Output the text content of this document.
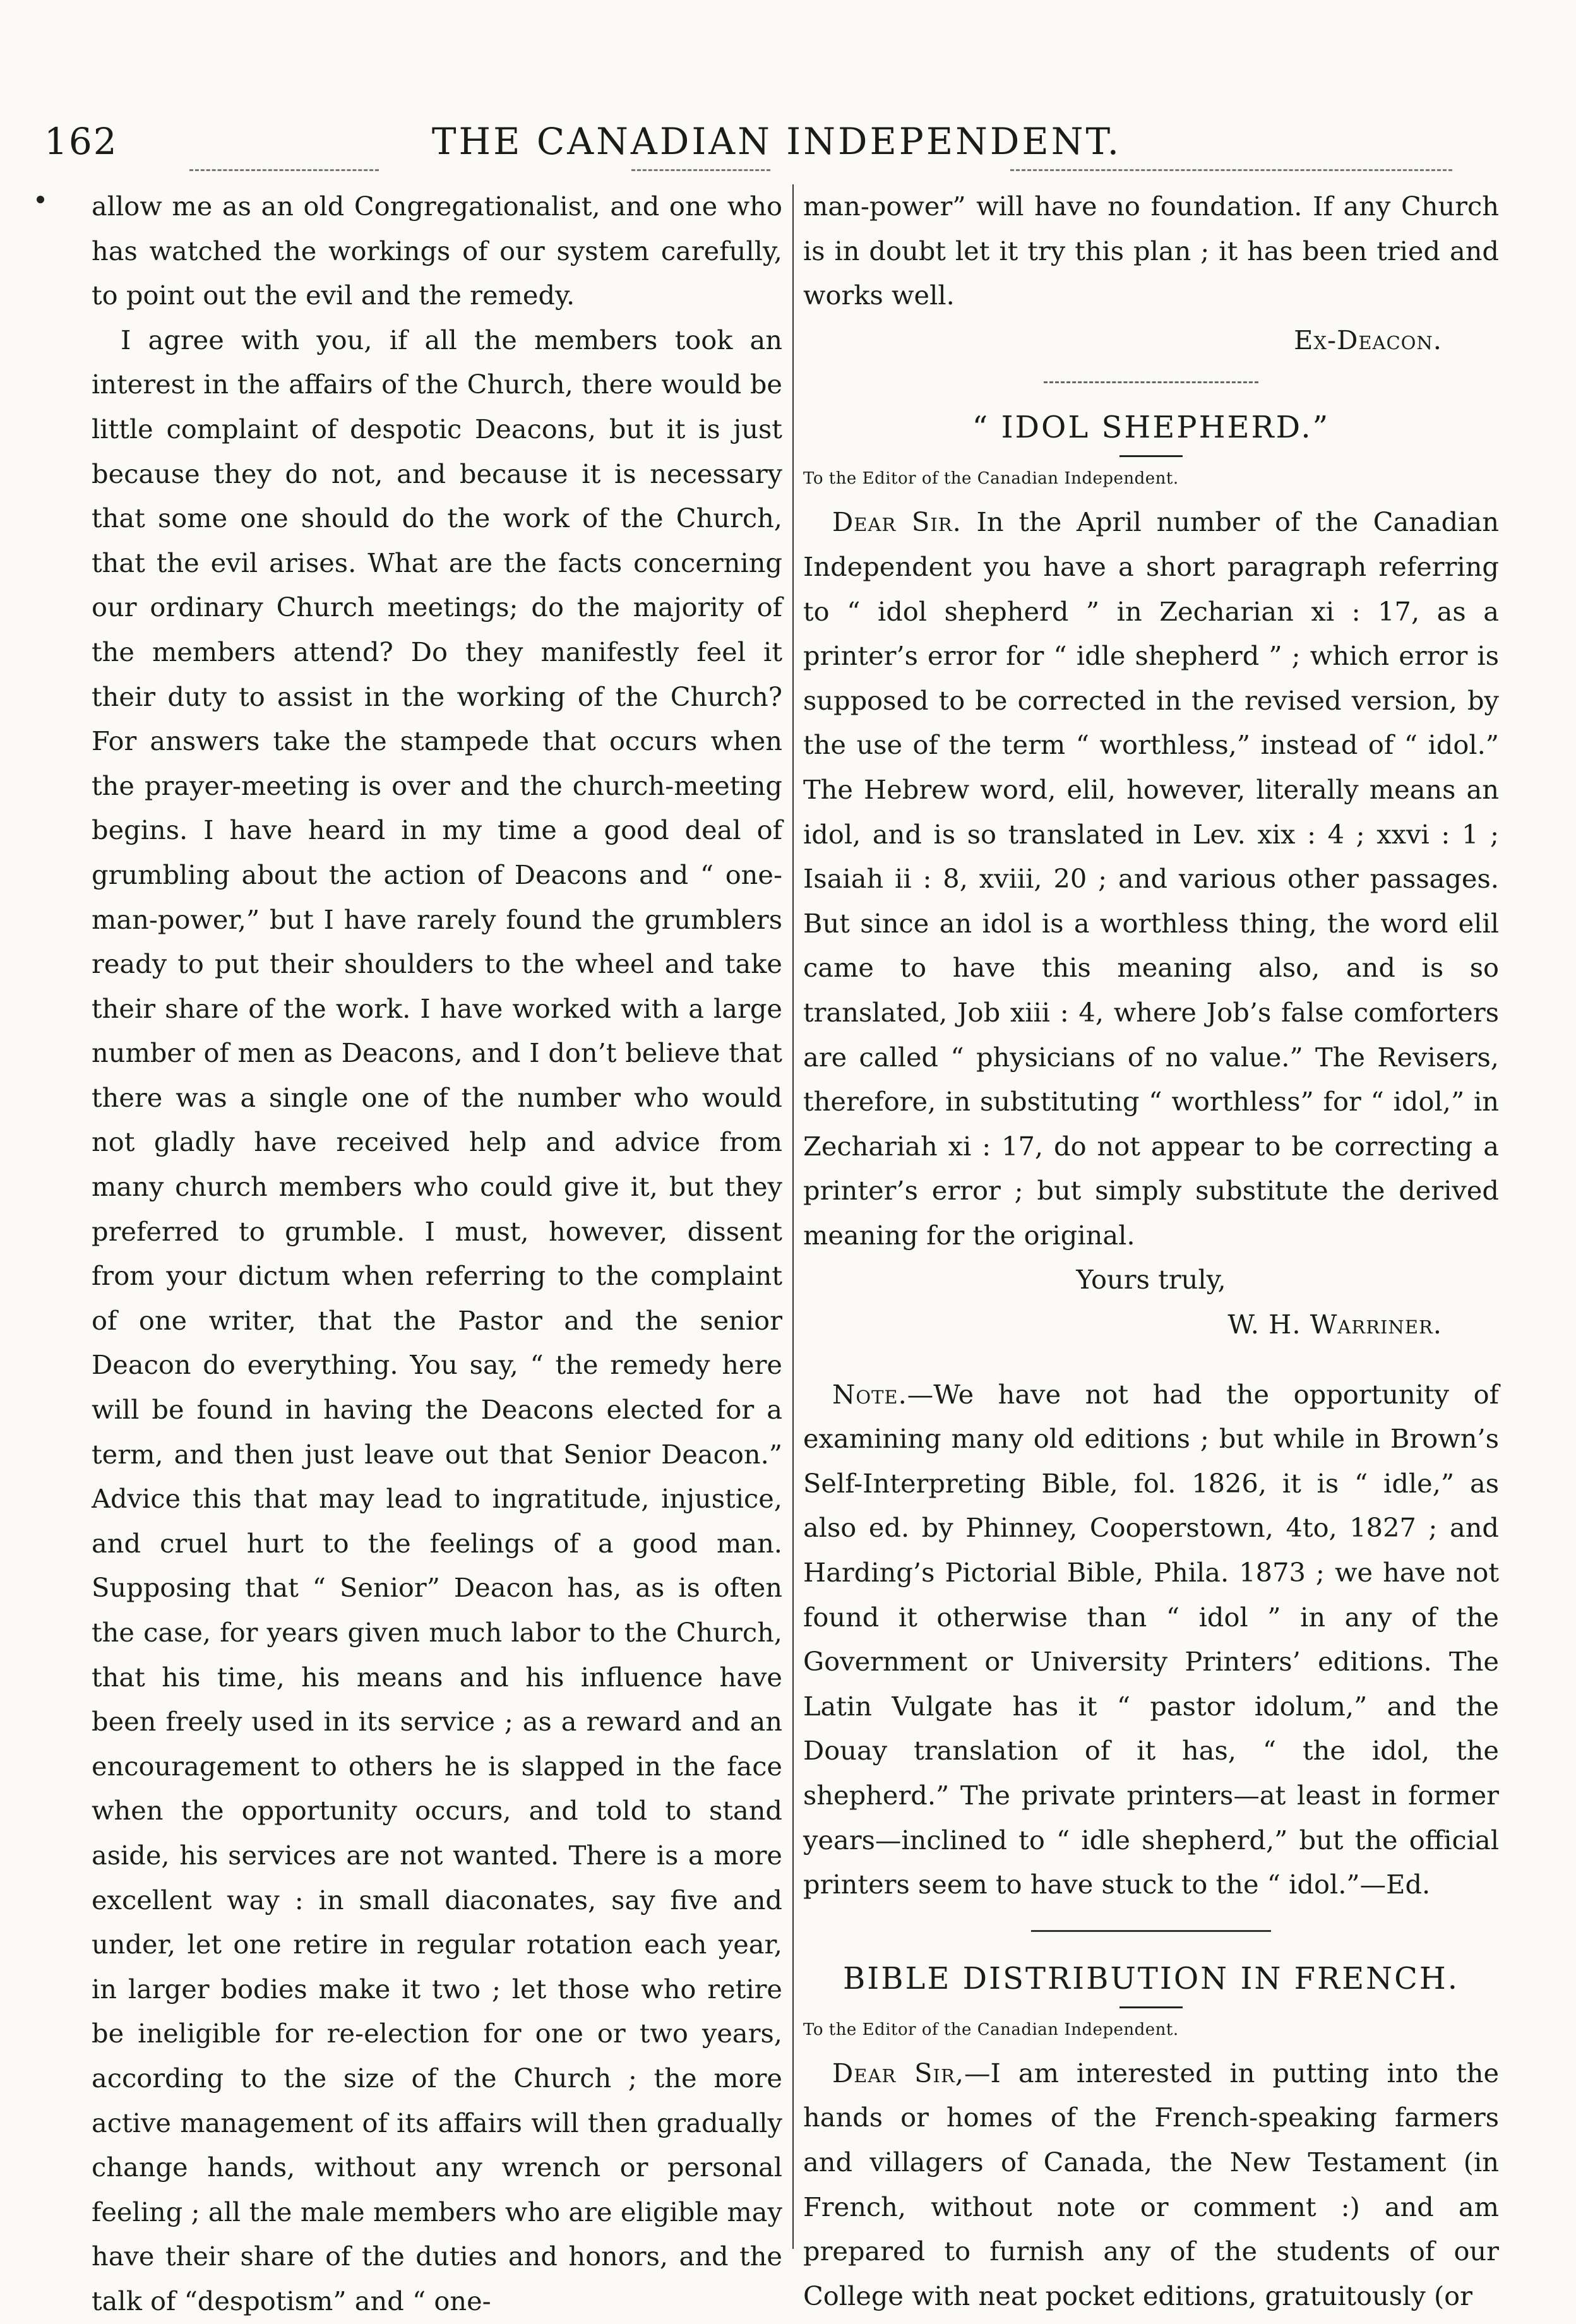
162	THE CANADIAN INDEPENDENT.

allow me as an old Congregationalist, and one who has watched the workings of our system carefully, to point out the evil and the remedy.

I agree with you, if all the members took an interest in the affairs of the Church, there would be little complaint of despotic Deacons, but it is just because they do not, and because it is necessary that some one should do the work of the Church, that the evil arises. What are the facts concerning our ordinary Church meetings; do the majority of the members attend? Do they manifestly feel it their duty to assist in the working of the Church? For answers take the stampede that occurs when the prayer-meeting is over and the church-meeting begins. I have heard in my time a good deal of grumbling about the action of Deacons and “ one-man-power,” but I have rarely found the grumblers ready to put their shoulders to the wheel and take their share of the work. I have worked with a large number of men as Deacons, and I don’t believe that there was a single one of the number who would not gladly have received help and advice from many church members who could give it, but they preferred to grumble. I must, however, dissent from your dictum when referring to the complaint of one writer, that the Pastor and the senior Deacon do everything. You say, “ the remedy here will be found in having the Deacons elected for a term, and then just leave out that Senior Deacon.” Advice this that may lead to ingratitude, injustice, and cruel hurt to the feelings of a good man. Supposing that “ Senior” Deacon has, as is often the case, for years given much labor to the Church, that his time, his means and his influence have been freely used in its service ; as a reward and an encouragement to others he is slapped in the face when the opportunity occurs, and told to stand aside, his services are not wanted. There is a more excellent way : in small diaconates, say five and under, let one retire in regular rotation each year, in larger bodies make it two ; let those who retire be ineligible for re-election for one or two years, according to the size of the Church ; the more active management of its affairs will then gradually change hands, without any wrench or personal feeling ; all the male members who are eligible may have their share of the duties and honors, and the talk of “despotism” and “ one-

man-power” will have no foundation. If any Church is in doubt let it try this plan ; it has been tried and works well.

Ex-Deacon.

“ IDOL SHEPHERD.”

To the Editor of the Canadian Independent.

Dear Sir. In the April number of the Canadian Independent you have a short paragraph referring to “ idol shepherd ” in Zecharian xi : 17, as a printer’s error for “ idle shepherd ” ; which error is supposed to be corrected in the revised version, by the use of the term “ worthless,” instead of “ idol.” The Hebrew word, elil, however, literally means an idol, and is so translated in Lev. xix : 4 ; xxvi : 1 ; Isaiah ii : 8, xviii, 20 ; and various other passages. But since an idol is a worthless thing, the word elil came to have this meaning also, and is so translated, Job xiii : 4, where Job’s false comforters are called “ physicians of no value.” The Revisers, therefore, in substituting “ worthless” for “ idol,” in Zechariah xi : 17, do not appear to be correcting a printer’s error ; but simply substitute the derived meaning for the original.

Yours truly,

W. H. Warriner.

Note.—We have not had the opportunity of examining many old editions ; but while in Brown’s Self-Interpreting Bible, fol. 1826, it is “ idle,” as also ed. by Phinney, Cooperstown, 4to, 1827 ; and Harding’s Pictorial Bible, Phila. 1873 ; we have not found it otherwise than “ idol ” in any of the Government or University Printers’ editions. The Latin Vulgate has it “ pastor idolum,” and the Douay translation of it has, “ the idol, the shepherd.” The private printers—at least in former years—inclined to “ idle shepherd,” but the official printers seem to have stuck to the “ idol.”—Ed.

BIBLE DISTRIBUTION IN FRENCH.

To the Editor of the Canadian Independent.

Dear Sir,—I am interested in putting into the hands or homes of the French-speaking farmers and villagers of Canada, the New Testament (in French, without note or comment :) and am prepared to furnish any of the students of our College with neat pocket editions, gratuitously (or
